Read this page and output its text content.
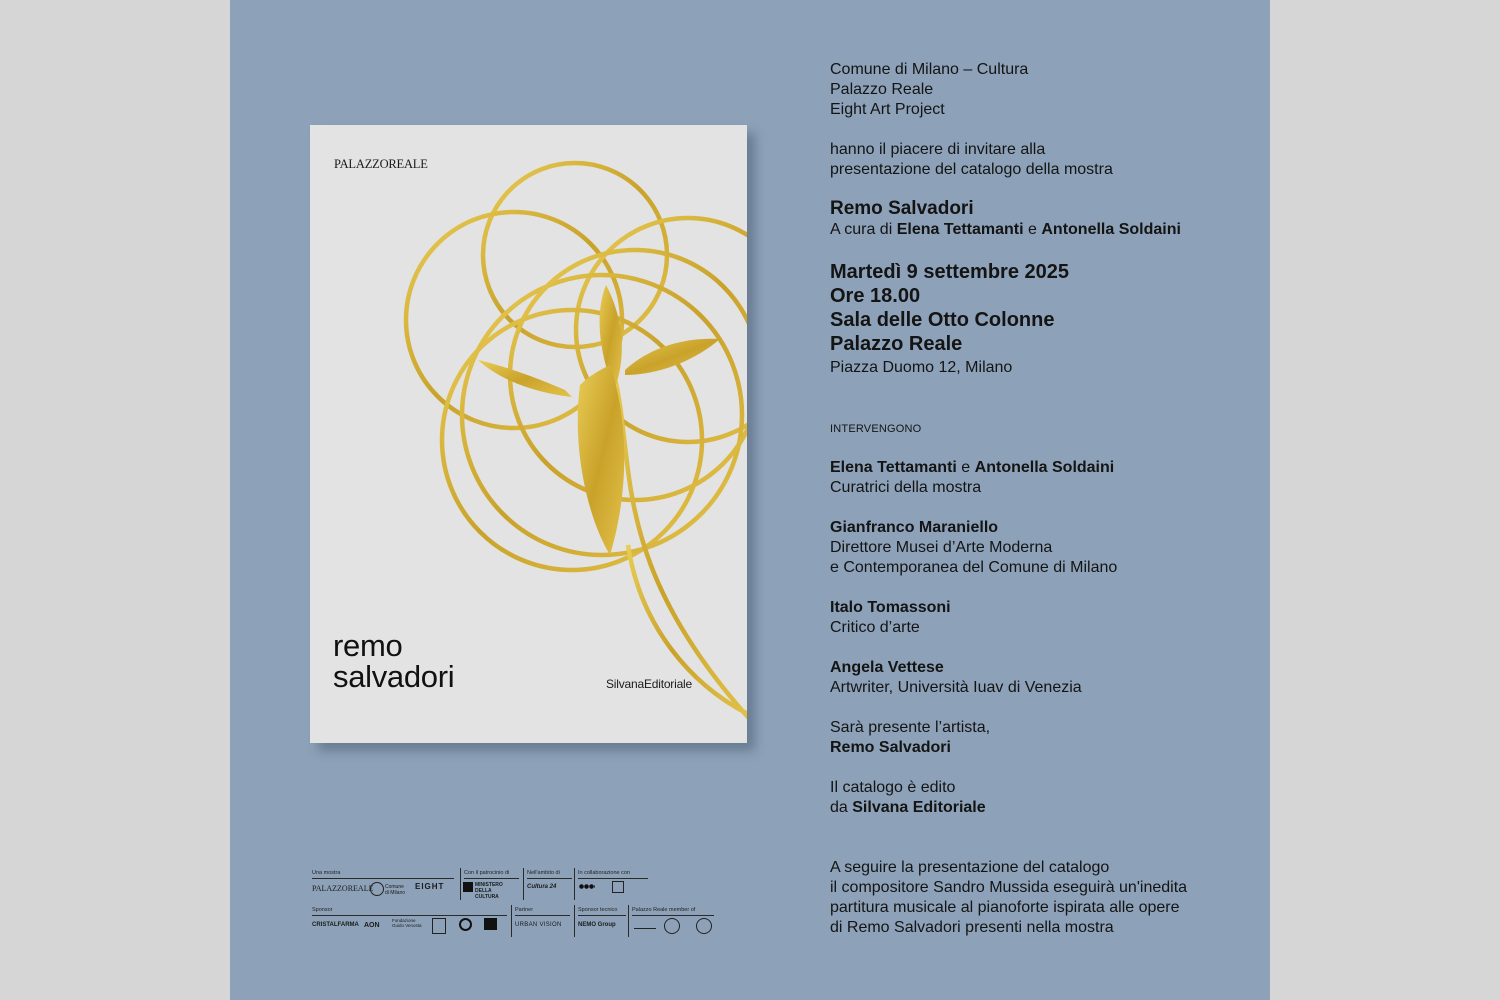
PALAZZOREALE
remo
salvadori	SilvanaEditoriale
Comune di Milano – Cultura
Palazzo Reale
Eight Art Project
hanno il piacere di invitare alla
presentazione del catalogo della mostra
Remo Salvadori
A cura di Elena Tettamanti e Antonella Soldaini
Martedì 9 settembre 2025
Ore 18.00
Sala delle Otto Colonne
Palazzo Reale
Piazza Duomo 12, Milano
INTERVENGONO
Elena Tettamanti e Antonella Soldaini
Curatrici della mostra
Gianfranco Maraniello
Direttore Musei d’Arte Moderna
e Contemporanea del Comune di Milano
Italo Tomassoni
Critico d’arte
Angela Vettese
Artwriter, Università Iuav di Venezia
Sarà presente l’artista,
Remo Salvadori
Il catalogo è edito
da Silvana Editoriale
A seguire la presentazione del catalogo
il compositore Sandro Mussida eseguirà un'inedita
partitura musicale al pianoforte ispirata alle opere
di Remo Salvadori presenti nella mostra
Una mostra	Con il patrocinio di	Nell'ambito di	In collaborazione con
PALAZZOREALE Comune di Milano
EIGHT	MINISTERO DELLA CULTURA
Cultura 24
Sponsor	Partner	Sponsor tecnico	Palazzo Reale member of
CRISTALFARMA AON
Fondazione Guido Venosta	URBAN VISION	NEMO Group
